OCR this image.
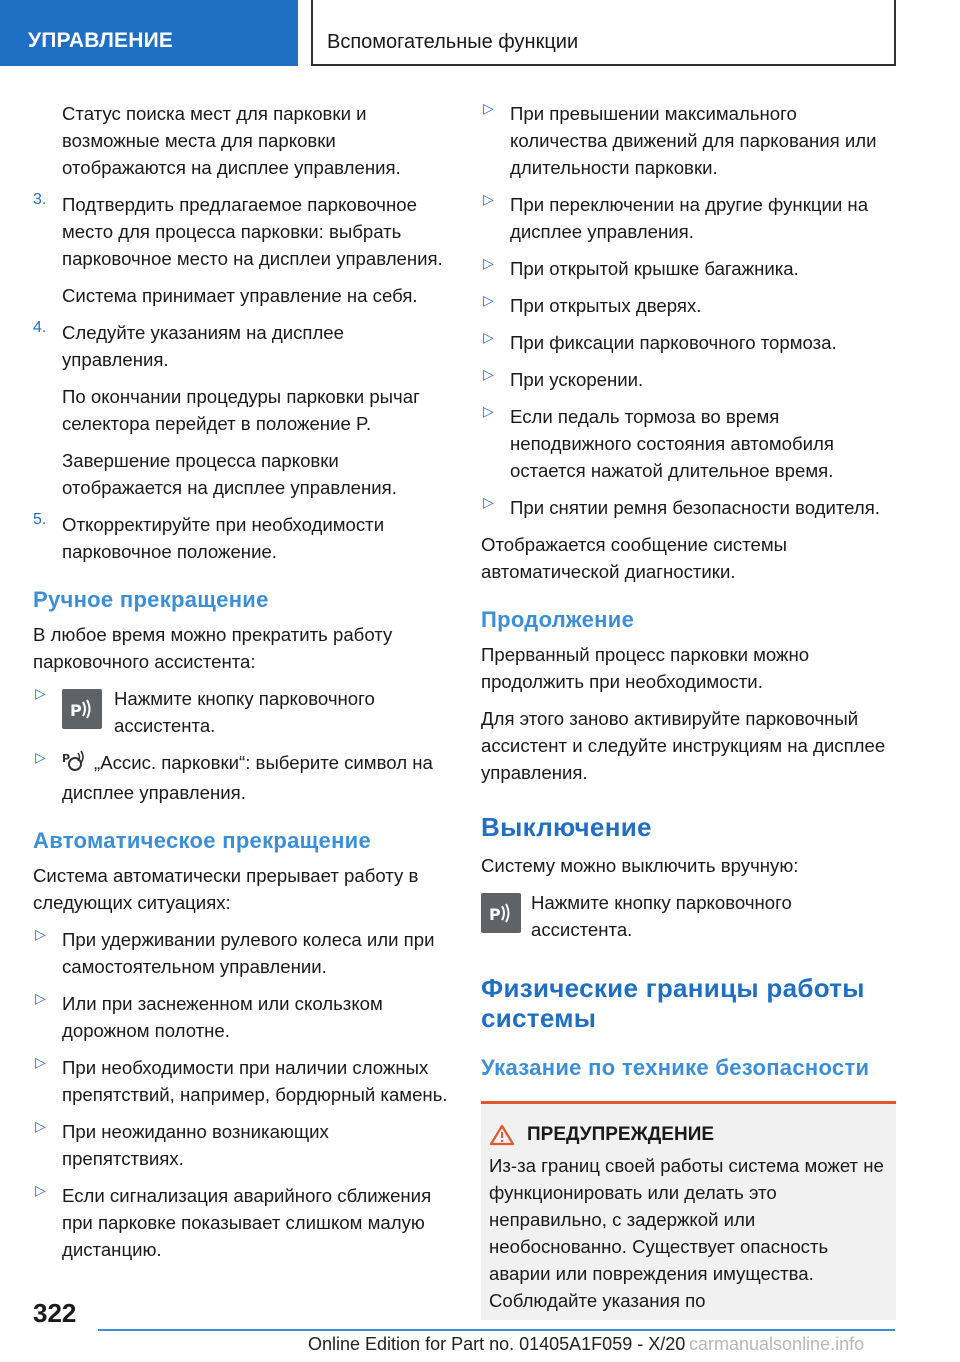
УПРАВЛЕНИЕ	Вспомогательные функции

Статус поиска мест для парковки и возможные места для парковки отображаются на дисплее управления.

3. Подтвердить предлагаемое парковочное место для процесса парковки: выбрать парковочное место на дисплеи управления.

Система принимает управление на себя.

4. Следуйте указаниям на дисплее управления.

По окончании процедуры парковки рычаг селектора перейдет в положение P.

Завершение процесса парковки отображается на дисплее управления.

5. Откорректируйте при необходимости парковочное положение.

Ручное прекращение

В любое время можно прекратить работу парковочного ассистента:

▷
P

Нажмите кнопку парковочного ассистента.

▷ P „Ассис. парковки“: выберите символ на дисплее управления.

Автоматическое прекращение

Система автоматически прерывает работу в следующих ситуациях:

▷ При удерживании рулевого колеса или при самостоятельном управлении.

▷ Или при заснеженном или скользком дорожном полотне.

▷ При необходимости при наличии сложных препятствий, например, бордюрный камень.

▷ При неожиданно возникающих препятствиях.

▷ Если сигнализация аварийного сближения при парковке показывает слишком малую дистанцию.

▷ При превышении максимального количества движений для паркования или длительности парковки.

▷ При переключении на другие функции на дисплее управления.

▷ При открытой крышке багажника.

▷ При открытых дверях.

▷ При фиксации парковочного тормоза.

▷ При ускорении.

▷ Если педаль тормоза во время неподвижного состояния автомобиля остается нажатой длительное время.

▷ При снятии ремня безопасности водителя.

Отображается сообщение системы автоматической диагностики.

Продолжение

Прерванный процесс парковки можно продолжить при необходимости.

Для этого заново активируйте парковочный ассистент и следуйте инструкциям на дисплее управления.

Выключение

Систему можно выключить вручную:

P

Нажмите кнопку парковочного ассистента.

Физические границы работы системы
Указание по технике безопасности
ПРЕДУПРЕЖДЕНИЕ

Из-за границ своей работы система может не функционировать или делать это неправильно, с задержкой или необоснованно. Существует опасность аварии или повреждения имущества. Соблюдайте указания по

322
Online Edition for Part no. 01405A1F059 - X/20 carmanualsonline.info
